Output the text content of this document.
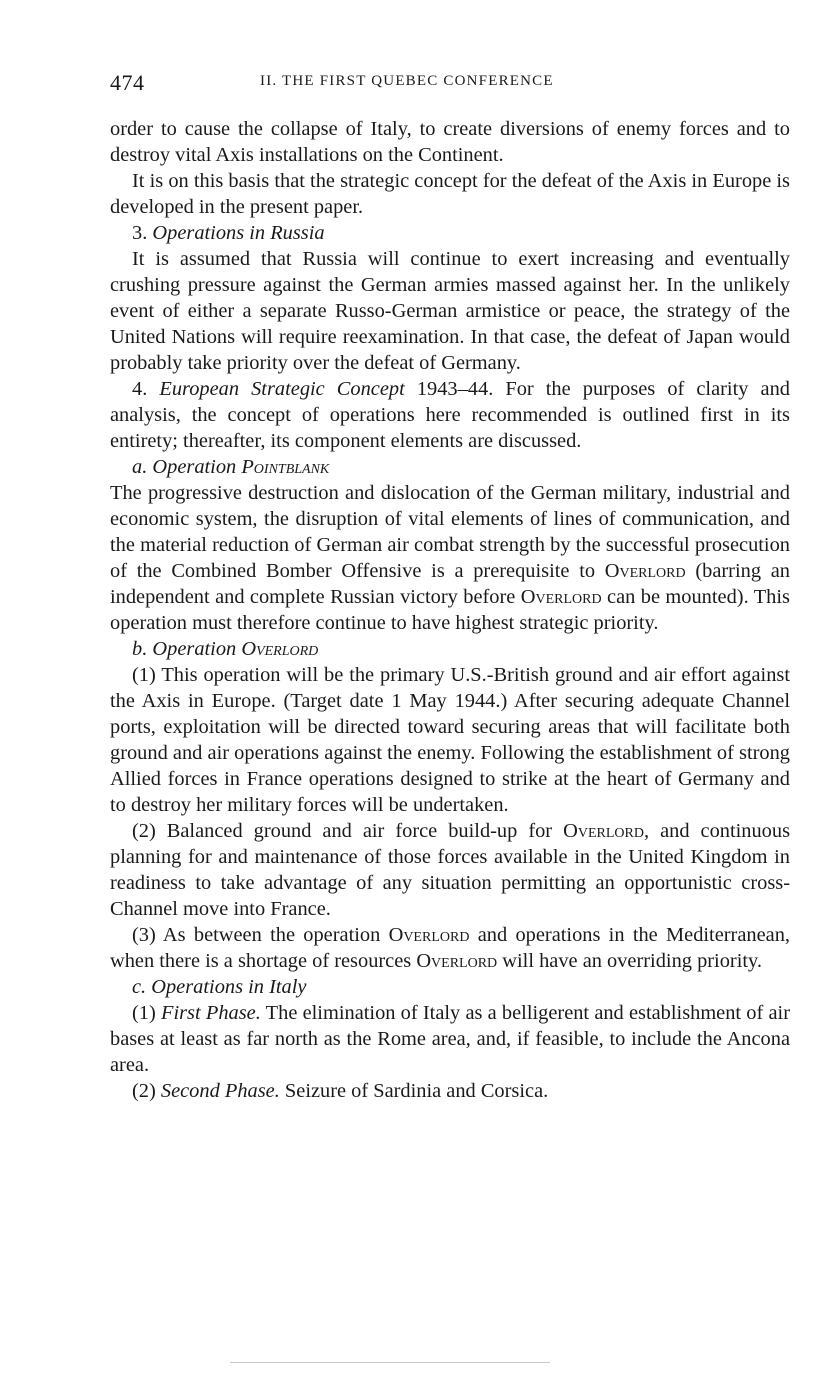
474	II. THE FIRST QUEBEC CONFERENCE

order to cause the collapse of Italy, to create diversions of enemy forces and to destroy vital Axis installations on the Continent.

It is on this basis that the strategic concept for the defeat of the Axis in Europe is developed in the present paper.

3. Operations in Russia

It is assumed that Russia will continue to exert increasing and eventually crushing pressure against the German armies massed against her. In the unlikely event of either a separate Russo-German armistice or peace, the strategy of the United Nations will require reexamination. In that case, the defeat of Japan would probably take priority over the defeat of Germany.

4. European Strategic Concept 1943–44. For the purposes of clarity and analysis, the concept of operations here recommended is outlined first in its entirety; thereafter, its component elements are discussed.

a. Operation Pointblank

The progressive destruction and dislocation of the German military, industrial and economic system, the disruption of vital elements of lines of communication, and the material reduction of German air combat strength by the successful prosecution of the Combined Bomber Offensive is a prerequisite to Overlord (barring an independent and complete Russian victory before Overlord can be mounted). This operation must therefore continue to have highest strategic priority.

b. Operation Overlord

(1) This operation will be the primary U.S.-British ground and air effort against the Axis in Europe. (Target date 1 May 1944.) After securing adequate Channel ports, exploitation will be directed toward securing areas that will facilitate both ground and air operations against the enemy. Following the establishment of strong Allied forces in France operations designed to strike at the heart of Germany and to destroy her military forces will be undertaken.

(2) Balanced ground and air force build-up for Overlord, and continuous planning for and maintenance of those forces available in the United Kingdom in readiness to take advantage of any situation permitting an opportunistic cross-Channel move into France.

(3) As between the operation Overlord and operations in the Mediterranean, when there is a shortage of resources Overlord will have an overriding priority.

c. Operations in Italy

(1) First Phase. The elimination of Italy as a belligerent and establishment of air bases at least as far north as the Rome area, and, if feasible, to include the Ancona area.

(2) Second Phase. Seizure of Sardinia and Corsica.
